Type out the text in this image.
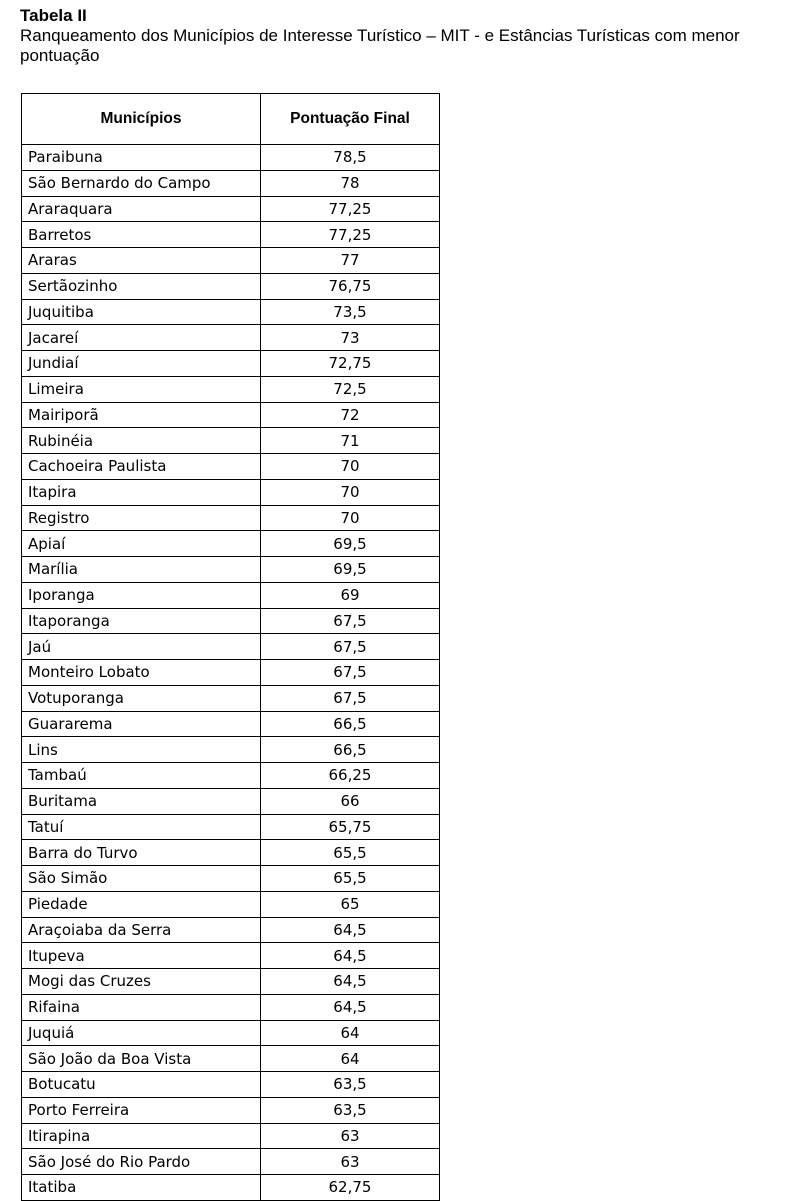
Tabela II
Ranqueamento dos Municípios de Interesse Turístico – MIT - e Estâncias Turísticas com menor pontuação
Municípios	Pontuação Final
Paraibuna	78,5
São Bernardo do Campo	78
Araraquara	77,25
Barretos	77,25
Araras	77
Sertãozinho	76,75
Juquitiba	73,5
Jacareí	73
Jundiaí	72,75
Limeira	72,5
Mairiporã	72
Rubinéia	71
Cachoeira Paulista	70
Itapira	70
Registro	70
Apiaí	69,5
Marília	69,5
Iporanga	69
Itaporanga	67,5
Jaú	67,5
Monteiro Lobato	67,5
Votuporanga	67,5
Guararema	66,5
Lins	66,5
Tambaú	66,25
Buritama	66
Tatuí	65,75
Barra do Turvo	65,5
São Simão	65,5
Piedade	65
Araçoiaba da Serra	64,5
Itupeva	64,5
Mogi das Cruzes	64,5
Rifaina	64,5
Juquiá	64
São João da Boa Vista	64
Botucatu	63,5
Porto Ferreira	63,5
Itirapina	63
São José do Rio Pardo	63
Itatiba	62,75
